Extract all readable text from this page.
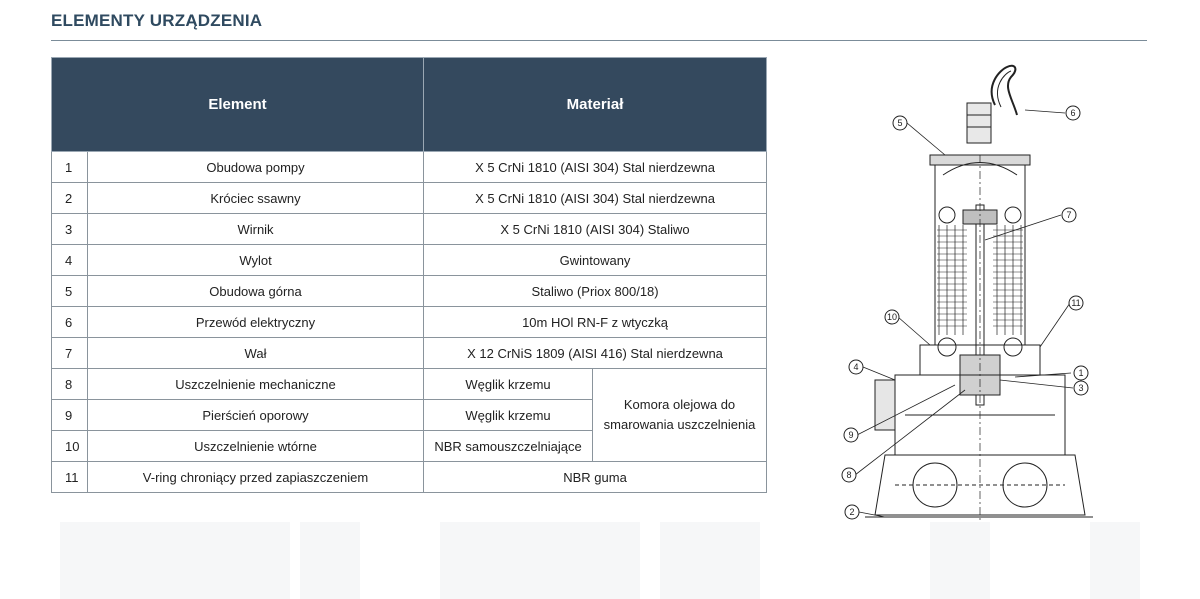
ELEMENTY URZĄDZENIA
Element		Materiał	
1	Obudowa pompy	X 5 CrNi 1810 (AISI 304) Stal nierdzewna	
2	Króciec ssawny	X 5 CrNi 1810 (AISI 304) Stal nierdzewna	
3	Wirnik	X 5 CrNi 1810 (AISI 304) Staliwo	
4	Wylot	Gwintowany	
5	Obudowa górna	Staliwo (Priox 800/18)	
6	Przewód elektryczny	10m HOl RN-F z wtyczką	
7	Wał	X 12 CrNiS 1809 (AISI 416) Stal nierdzewna	
8	Uszczelnienie mechaniczne	Węglik krzemu	Komora olejowa do smarowania uszczelnienia
9	Pierścień oporowy	Węglik krzemu	
10	Uszczelnienie wtórne	NBR samouszczelniające	
11	V-ring chroniący przed zapiaszczeniem	NBR guma	
5
6
7
11
10
4
1
3
9
8
2
